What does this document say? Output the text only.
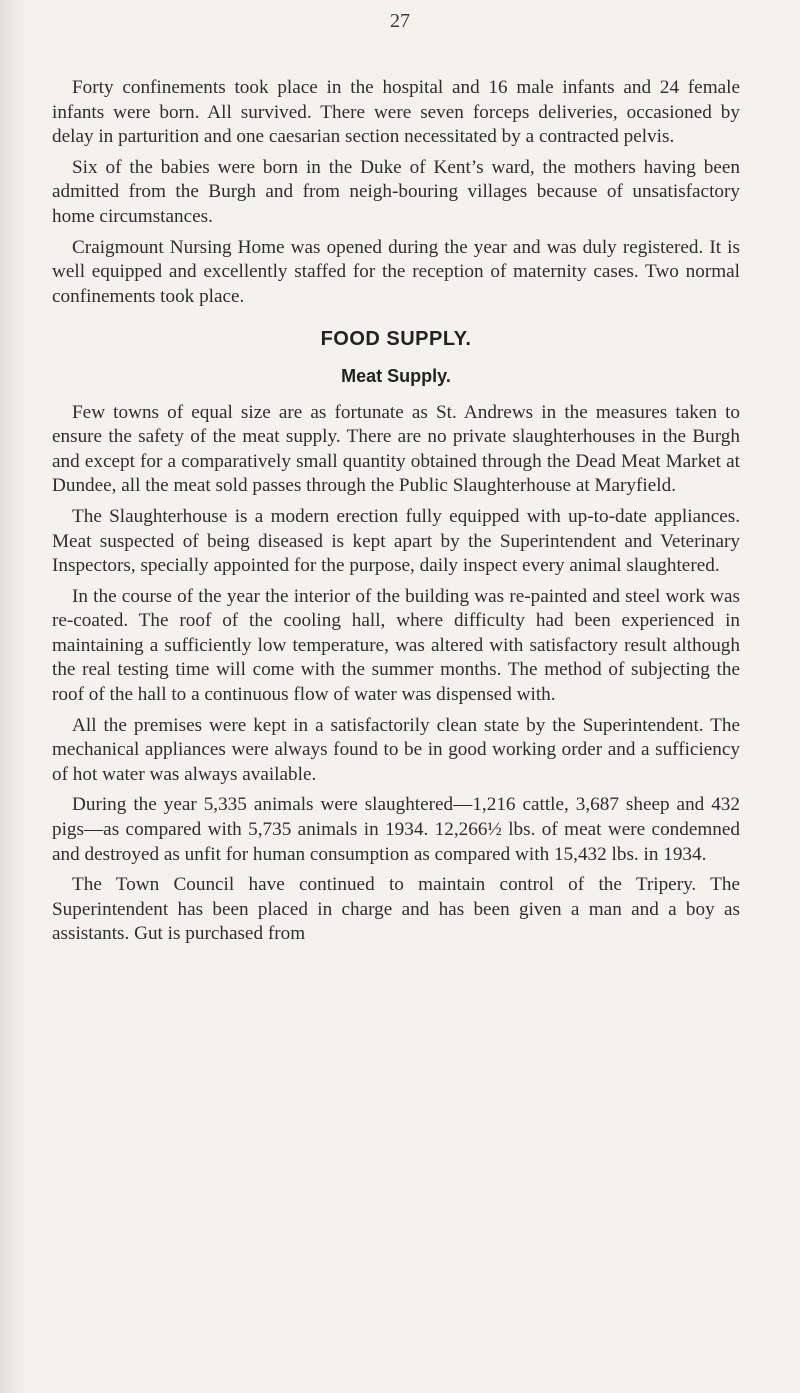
27

Forty confinements took place in the hospital and 16 male infants and 24 female infants were born. All survived. There were seven forceps deliveries, occasioned by delay in parturition and one caesarian section necessitated by a contracted pelvis.

Six of the babies were born in the Duke of Kent’s ward, the mothers having been admitted from the Burgh and from neigh-bouring villages because of unsatisfactory home circumstances.

Craigmount Nursing Home was opened during the year and was duly registered. It is well equipped and excellently staffed for the reception of maternity cases. Two normal confinements took place.

FOOD SUPPLY.
Meat Supply.

Few towns of equal size are as fortunate as St. Andrews in the measures taken to ensure the safety of the meat supply. There are no private slaughterhouses in the Burgh and except for a comparatively small quantity obtained through the Dead Meat Market at Dundee, all the meat sold passes through the Public Slaughterhouse at Maryfield.

The Slaughterhouse is a modern erection fully equipped with up-to-date appliances. Meat suspected of being diseased is kept apart by the Superintendent and Veterinary Inspectors, specially appointed for the purpose, daily inspect every animal slaughtered.

In the course of the year the interior of the building was re-painted and steel work was re-coated. The roof of the cooling hall, where difficulty had been experienced in maintaining a sufficiently low temperature, was altered with satisfactory result although the real testing time will come with the summer months. The method of subjecting the roof of the hall to a continuous flow of water was dispensed with.

All the premises were kept in a satisfactorily clean state by the Superintendent. The mechanical appliances were always found to be in good working order and a sufficiency of hot water was always available.

During the year 5,335 animals were slaughtered—1,216 cattle, 3,687 sheep and 432 pigs—as compared with 5,735 animals in 1934. 12,266½ lbs. of meat were condemned and destroyed as unfit for human consumption as compared with 15,432 lbs. in 1934.

The Town Council have continued to maintain control of the Tripery. The Superintendent has been placed in charge and has been given a man and a boy as assistants. Gut is purchased from
